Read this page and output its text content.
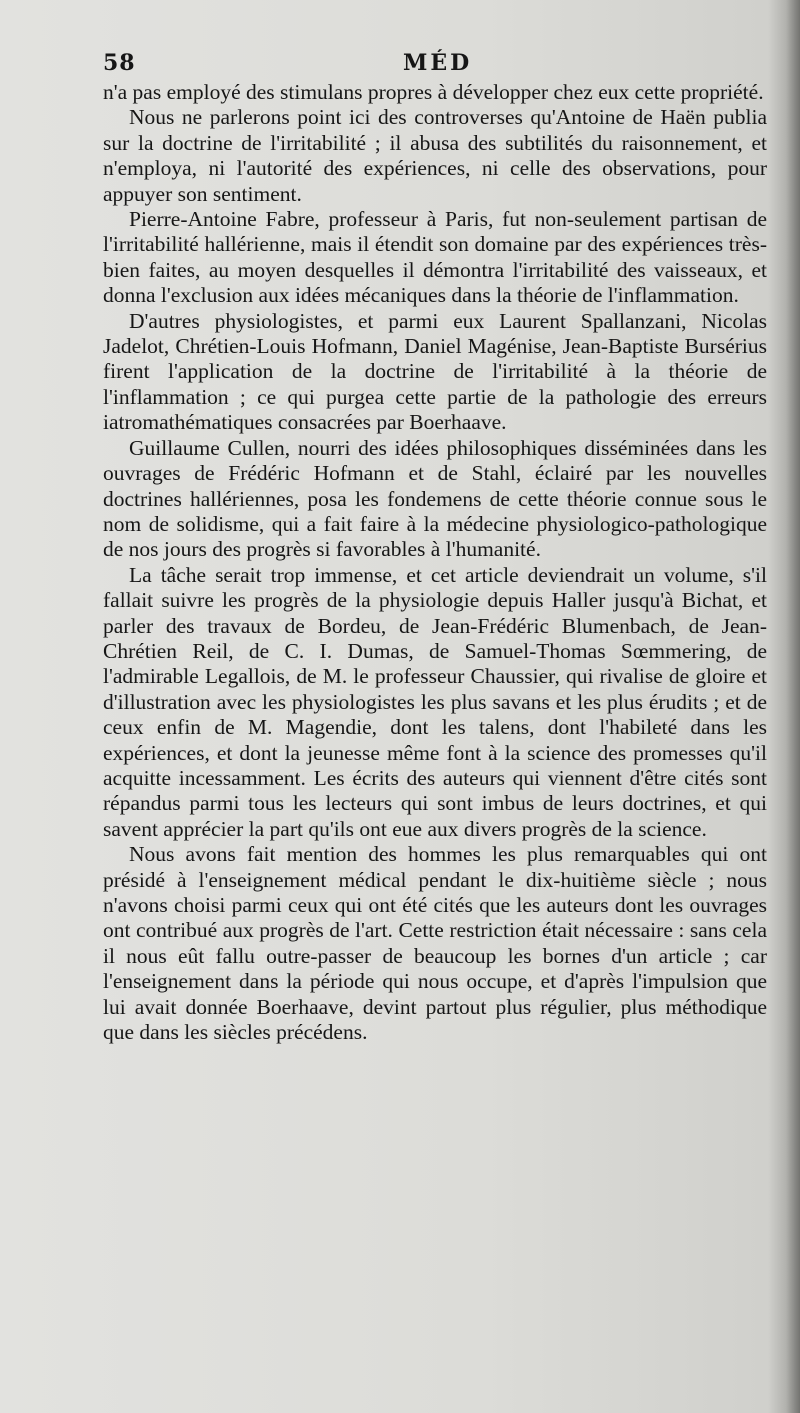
58	MÉD

n'a pas employé des stimulans propres à développer chez eux cette propriété.

Nous ne parlerons point ici des controverses qu'Antoine de Haën publia sur la doctrine de l'irritabilité ; il abusa des subtilités du raisonnement, et n'employa, ni l'autorité des expériences, ni celle des observations, pour appuyer son sentiment.

Pierre-Antoine Fabre, professeur à Paris, fut non-seulement partisan de l'irritabilité hallérienne, mais il étendit son domaine par des expériences très-bien faites, au moyen desquelles il démontra l'irritabilité des vaisseaux, et donna l'exclusion aux idées mécaniques dans la théorie de l'inflammation.

D'autres physiologistes, et parmi eux Laurent Spallanzani, Nicolas Jadelot, Chrétien-Louis Hofmann, Daniel Magénise, Jean-Baptiste Bursérius firent l'application de la doctrine de l'irritabilité à la théorie de l'inflammation ; ce qui purgea cette partie de la pathologie des erreurs iatromathématiques consacrées par Boerhaave.

Guillaume Cullen, nourri des idées philosophiques disséminées dans les ouvrages de Frédéric Hofmann et de Stahl, éclairé par les nouvelles doctrines hallériennes, posa les fondemens de cette théorie connue sous le nom de solidisme, qui a fait faire à la médecine physiologico-pathologique de nos jours des progrès si favorables à l'humanité.

La tâche serait trop immense, et cet article deviendrait un volume, s'il fallait suivre les progrès de la physiologie depuis Haller jusqu'à Bichat, et parler des travaux de Bordeu, de Jean-Frédéric Blumenbach, de Jean-Chrétien Reil, de C. I. Dumas, de Samuel-Thomas Sœmmering, de l'admirable Legallois, de M. le professeur Chaussier, qui rivalise de gloire et d'illustration avec les physiologistes les plus savans et les plus érudits ; et de ceux enfin de M. Magendie, dont les talens, dont l'habileté dans les expériences, et dont la jeunesse même font à la science des promesses qu'il acquitte incessamment. Les écrits des auteurs qui viennent d'être cités sont répandus parmi tous les lecteurs qui sont imbus de leurs doctrines, et qui savent apprécier la part qu'ils ont eue aux divers progrès de la science.

Nous avons fait mention des hommes les plus remarquables qui ont présidé à l'enseignement médical pendant le dix-huitième siècle ; nous n'avons choisi parmi ceux qui ont été cités que les auteurs dont les ouvrages ont contribué aux progrès de l'art. Cette restriction était nécessaire : sans cela il nous eût fallu outre-passer de beaucoup les bornes d'un article ; car l'enseignement dans la période qui nous occupe, et d'après l'impulsion que lui avait donnée Boerhaave, devint partout plus régulier, plus méthodique que dans les siècles précédens.
